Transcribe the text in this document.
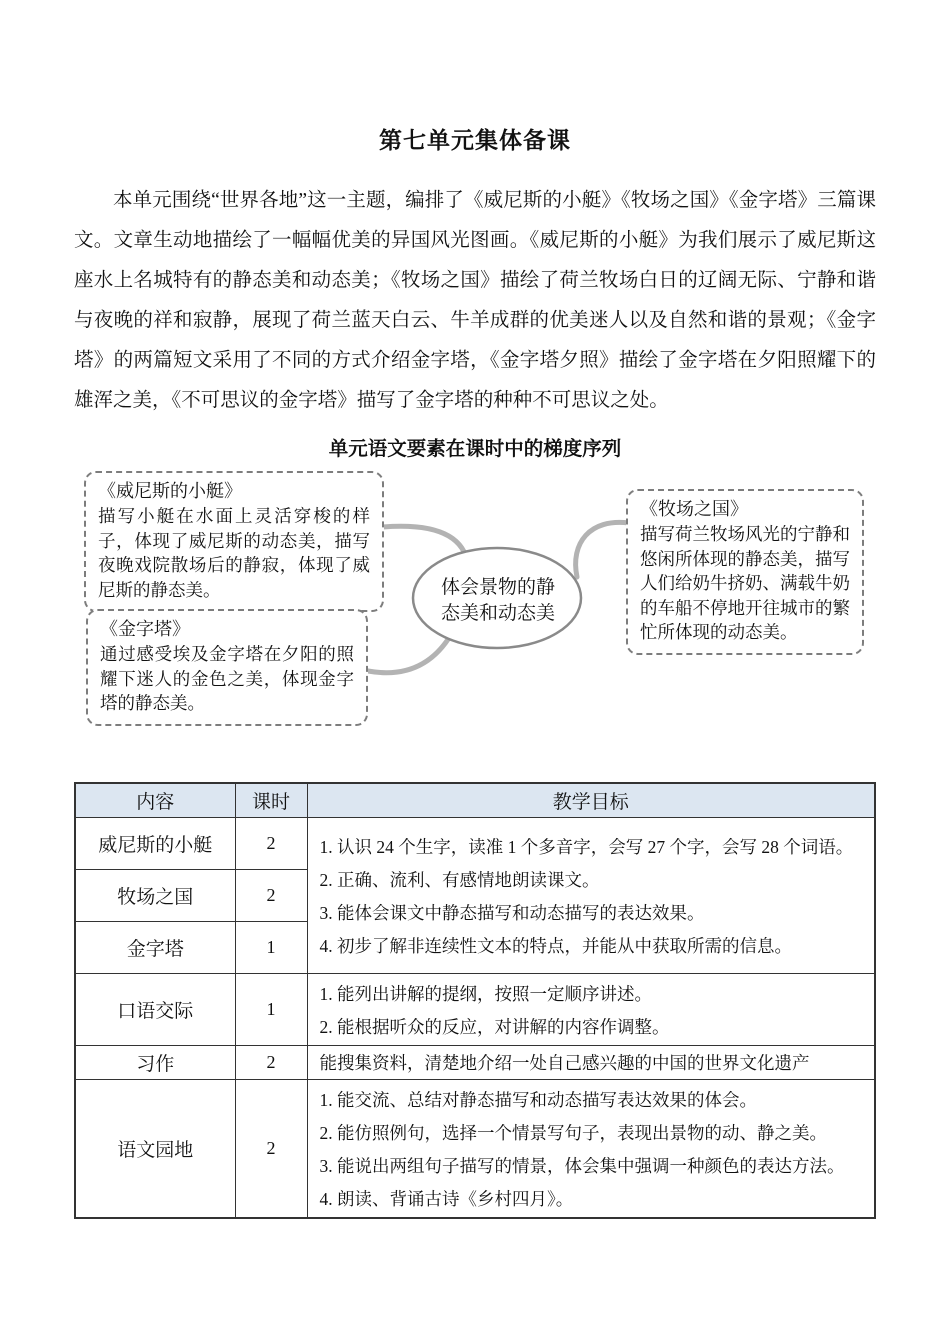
第七单元集体备课

本单元围绕“世界各地”这一主题，编排了《威尼斯的小艇》《牧场之国》《金字塔》三篇课文。文章生动地描绘了一幅幅优美的异国风光图画。《威尼斯的小艇》为我们展示了威尼斯这座水上名城特有的静态美和动态美；《牧场之国》描绘了荷兰牧场白日的辽阔无际、宁静和谐与夜晚的祥和寂静，展现了荷兰蓝天白云、牛羊成群的优美迷人以及自然和谐的景观；《金字塔》的两篇短文采用了不同的方式介绍金字塔，《金字塔夕照》描绘了金字塔在夕阳照耀下的雄浑之美，《不可思议的金字塔》描写了金字塔的种种不可思议之处。

单元语文要素在课时中的梯度序列
体会景物的静态美和动态美
《威尼斯的小艇》
描写小艇在水面上灵活穿梭的样子，体现了威尼斯的动态美，描写夜晚戏院散场后的静寂，体现了威尼斯的静态美。
《牧场之国》
描写荷兰牧场风光的宁静和悠闲所体现的静态美，描写人们给奶牛挤奶、满载牛奶的车船不停地开往城市的繁忙所体现的动态美。
《金字塔》
通过感受埃及金字塔在夕阳的照耀下迷人的金色之美，体现金字塔的静态美。
内容	课时	教学目标
威尼斯的小艇	2	1. 认识 24 个生字，读准 1 个多音字，会写 27 个字，会写 28 个词语。
2. 正确、流利、有感情地朗读课文。
3. 能体会课文中静态描写和动态描写的表达效果。
4. 初步了解非连续性文本的特点，并能从中获取所需的信息。

牧场之国	2	
金字塔	1	
口语交际	1	1. 能列出讲解的提纲，按照一定顺序讲述。
2. 能根据听众的反应，对讲解的内容作调整。

习作	2	能搜集资料，清楚地介绍一处自己感兴趣的中国的世界文化遗产

语文园地	2	1. 能交流、总结对静态描写和动态描写表达效果的体会。
2. 能仿照例句，选择一个情景写句子，表现出景物的动、静之美。
3. 能说出两组句子描写的情景，体会集中强调一种颜色的表达方法。
4. 朗读、背诵古诗《乡村四月》。
